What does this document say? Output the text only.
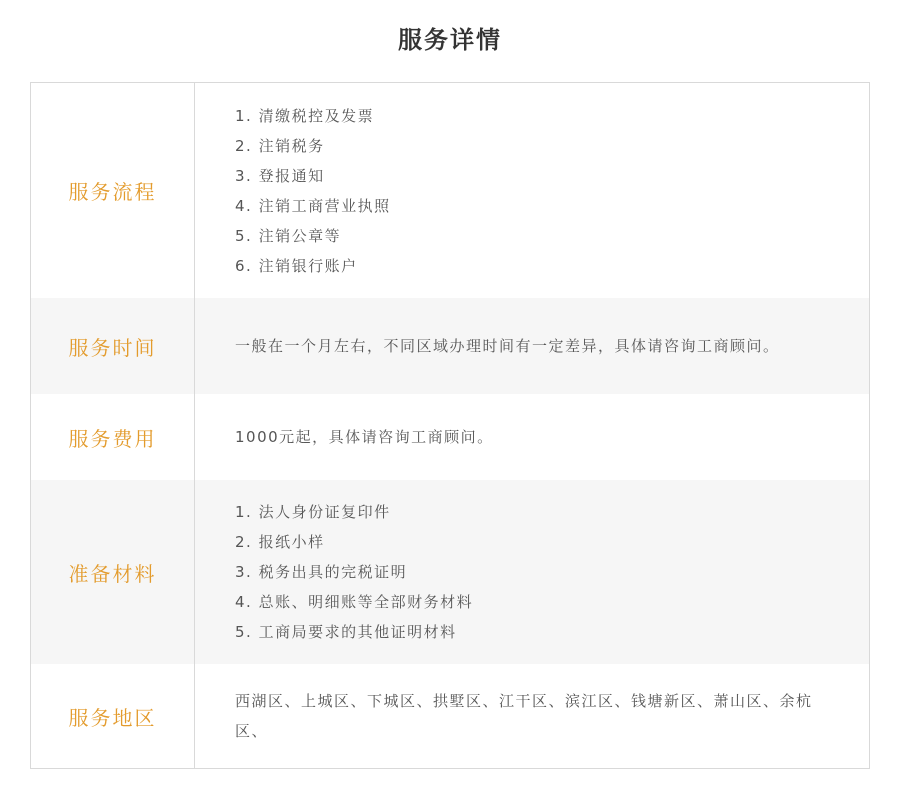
服务详情
服务流程
1. 清缴税控及发票
2. 注销税务
3. 登报通知
4. 注销工商营业执照
5. 注销公章等
6. 注销银行账户
服务时间	一般在一个月左右，不同区域办理时间有一定差异，具体请咨询工商顾问。
服务费用	1000元起，具体请咨询工商顾问。
准备材料
1. 法人身份证复印件
2. 报纸小样
3. 税务出具的完税证明
4. 总账、明细账等全部财务材料
5. 工商局要求的其他证明材料
服务地区
西湖区、上城区、下城区、拱墅区、江干区、滨江区、钱塘新区、萧山区、余杭区、
